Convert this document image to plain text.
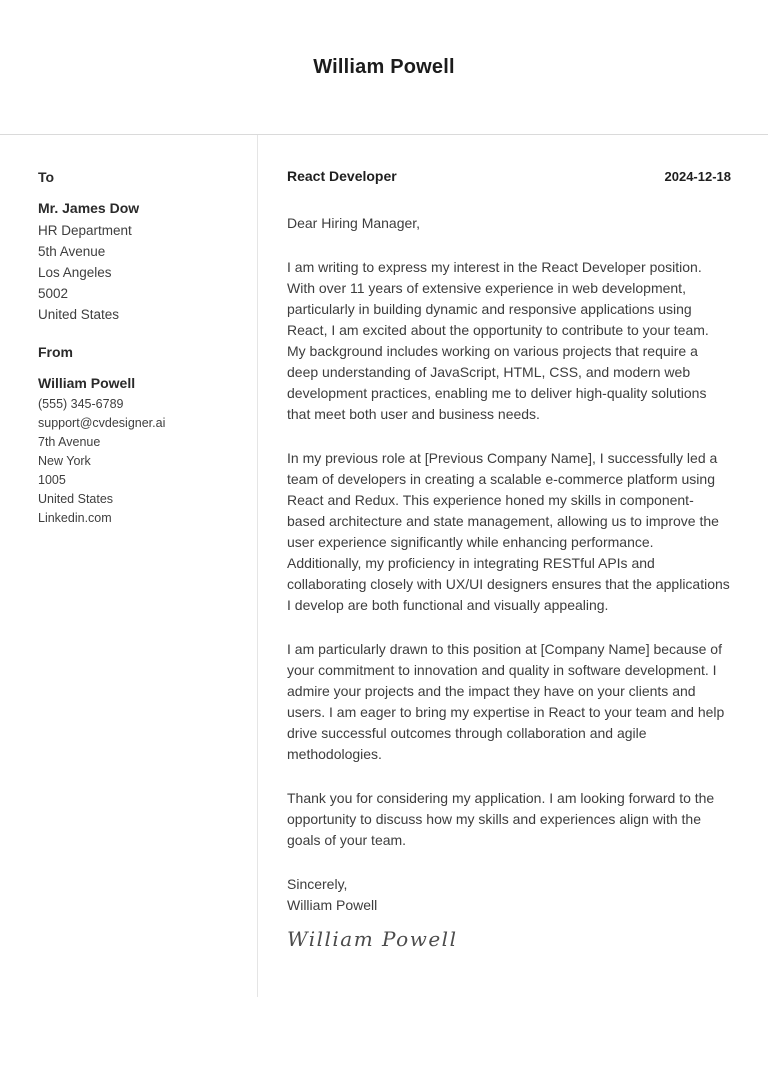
William Powell
To
Mr. James Dow
HR Department
5th Avenue
Los Angeles
5002
United States
From
William Powell
(555) 345-6789
support@cvdesigner.ai
7th Avenue
New York
1005
United States
Linkedin.com
React Developer	2024-12-18

Dear Hiring Manager,

I am writing to express my interest in the React Developer position. With over 11 years of extensive experience in web development, particularly in building dynamic and responsive applications using React, I am excited about the opportunity to contribute to your team. My background includes working on various projects that require a deep understanding of JavaScript, HTML, CSS, and modern web development practices, enabling me to deliver high-quality solutions that meet both user and business needs.

In my previous role at [Previous Company Name], I successfully led a team of developers in creating a scalable e-commerce platform using React and Redux. This experience honed my skills in component-based architecture and state management, allowing us to improve the user experience significantly while enhancing performance. Additionally, my proficiency in integrating RESTful APIs and collaborating closely with UX/UI designers ensures that the applications I develop are both functional and visually appealing.

I am particularly drawn to this position at [Company Name] because of your commitment to innovation and quality in software development. I admire your projects and the impact they have on your clients and users. I am eager to bring my expertise in React to your team and help drive successful outcomes through collaboration and agile methodologies.

Thank you for considering my application. I am looking forward to the opportunity to discuss how my skills and experiences align with the goals of your team.

Sincerely,
William Powell

William Powell
